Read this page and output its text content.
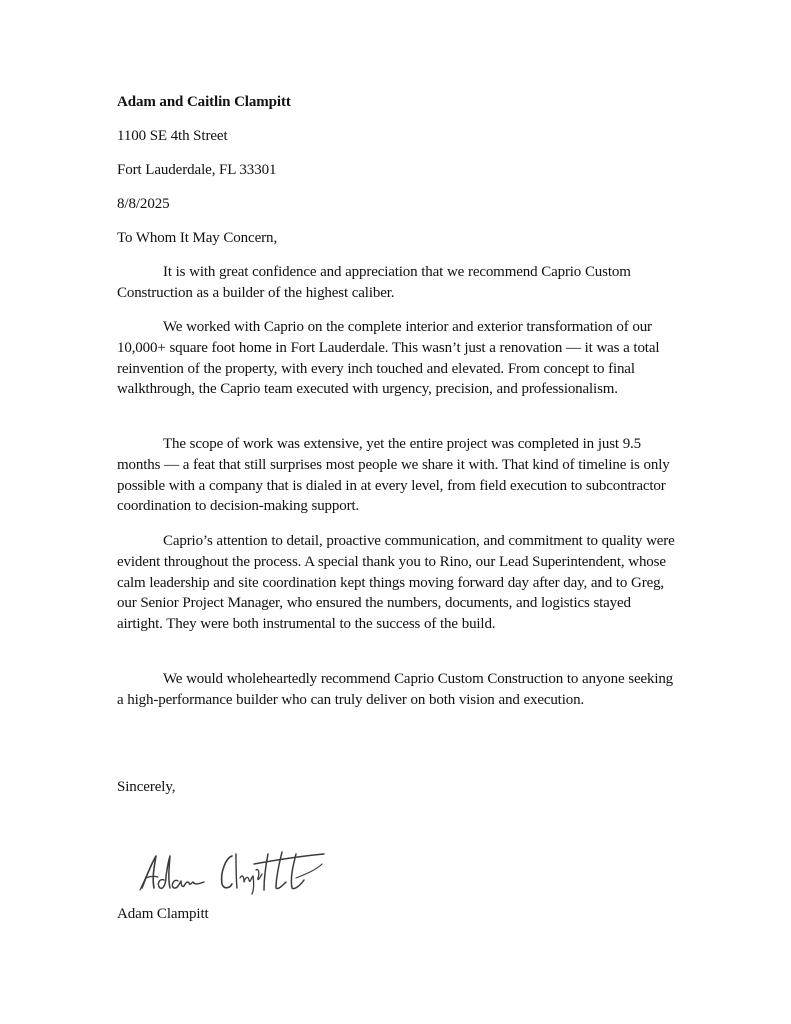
Adam and Caitlin Clampitt
1100 SE 4th Street
Fort Lauderdale, FL 33301
8/8/2025
To Whom It May Concern,

It is with great confidence and appreciation that we recommend Caprio Custom Construction as a builder of the highest caliber.

We worked with Caprio on the complete interior and exterior transformation of our 10,000+ square foot home in Fort Lauderdale. This wasn’t just a renovation — it was a total reinvention of the property, with every inch touched and elevated. From concept to final walkthrough, the Caprio team executed with urgency, precision, and professionalism.

The scope of work was extensive, yet the entire project was completed in just 9.5 months — a feat that still surprises most people we share it with. That kind of timeline is only possible with a company that is dialed in at every level, from field execution to subcontractor coordination to decision-making support.

Caprio’s attention to detail, proactive communication, and commitment to quality were evident throughout the process. A special thank you to Rino, our Lead Superintendent, whose calm leadership and site coordination kept things moving forward day after day, and to Greg, our Senior Project Manager, who ensured the numbers, documents, and logistics stayed airtight. They were both instrumental to the success of the build.

We would wholeheartedly recommend Caprio Custom Construction to anyone seeking a high-performance builder who can truly deliver on both vision and execution.

Sincerely,
Adam Clampitt
